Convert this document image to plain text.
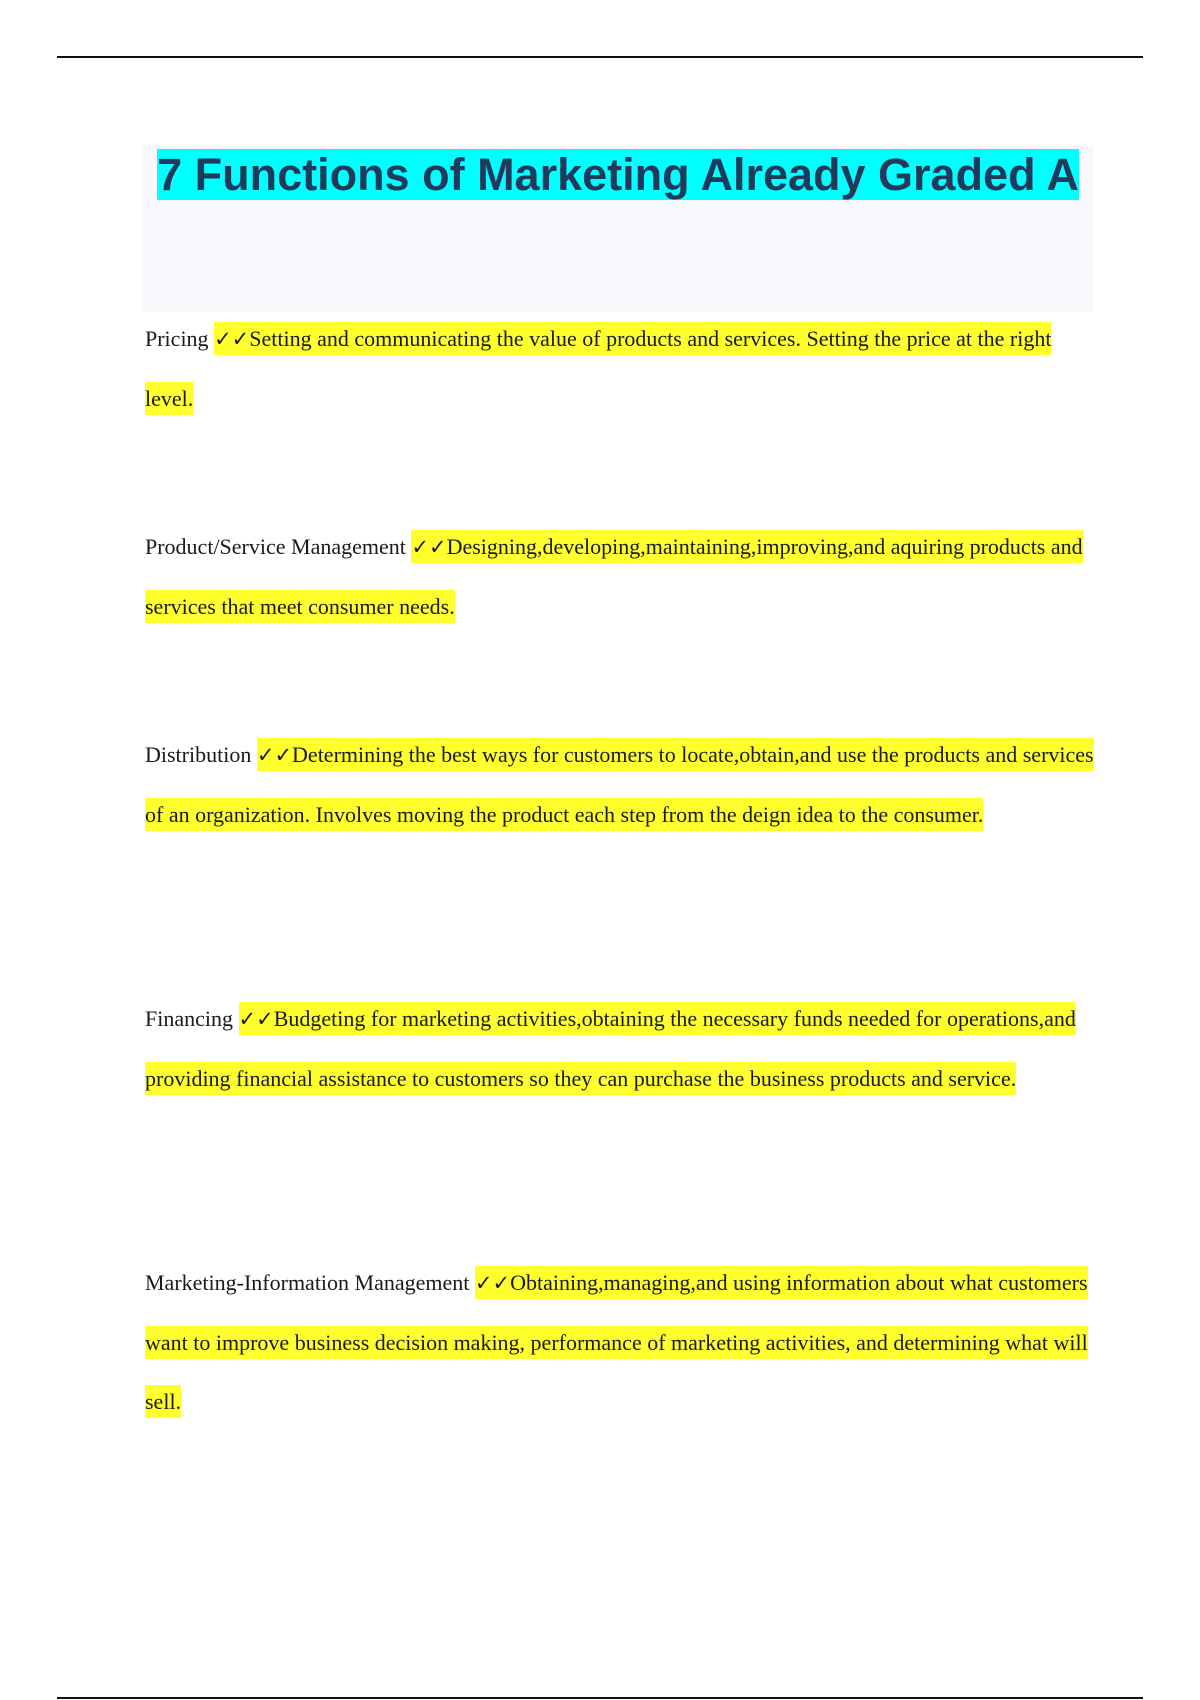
7 Functions of Marketing Already Graded A

Pricing ✓✓Setting and communicating the value of products and services. Setting the price at the right level.

Product/Service Management ✓✓Designing,developing,maintaining,improving,and aquiring products and services that meet consumer needs.

Distribution ✓✓Determining the best ways for customers to locate,obtain,and use the products and services of an organization. Involves moving the product each step from the deign idea to the consumer.

Financing ✓✓Budgeting for marketing activities,obtaining the necessary funds needed for operations,and providing financial assistance to customers so they can purchase the business products and service.

Marketing-Information Management ✓✓Obtaining,managing,and using information about what customers want to improve business decision making, performance of marketing activities, and determining what will sell.
